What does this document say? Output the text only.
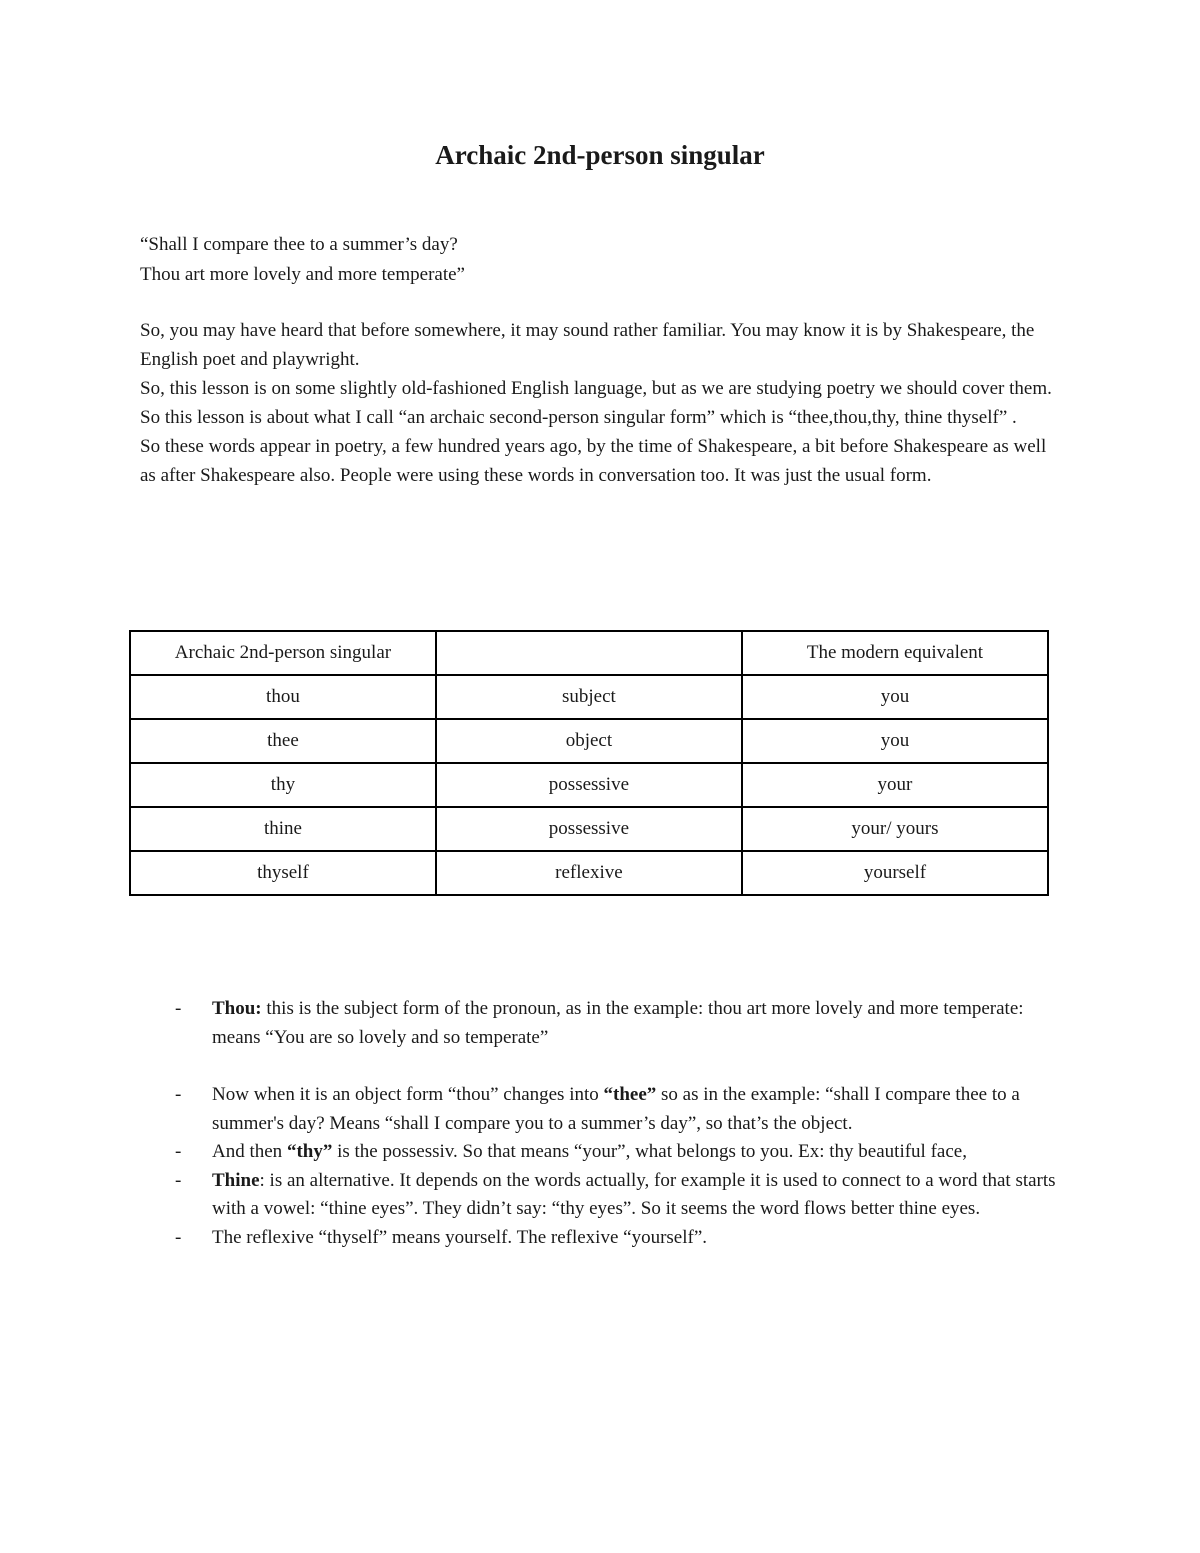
Archaic 2nd-person singular
“Shall I compare thee to a summer’s day?
Thou art more lovely and more temperate”

So, you may have heard that before somewhere, it may sound rather familiar. You may know it is by Shakespeare, the English poet and playwright.

So, this lesson is on some slightly old-fashioned English language, but as we are studying poetry we should cover them. So this lesson is about what I call “an archaic second-person singular form” which is “thee,thou,thy, thine thyself” .

So these words appear in poetry, a few hundred years ago, by the time of Shakespeare, a bit before Shakespeare as well as after Shakespeare also. People were using these words in conversation too. It was just the usual form.

Archaic 2nd-person singular		The modern equivalent
thou	subject	you
thee	object	you
thy	possessive	your
thine	possessive	your/ yours
thyself	reflexive	yourself
-	Thou: this is the subject form of the pronoun, as in the example: thou art more lovely and more temperate: means “You are so lovely and so temperate”
-	Now when it is an object form “thou” changes into “thee” so as in the example: “shall I compare thee to a summer's day? Means “shall I compare you to a summer’s day”, so that’s the object.
-	And then “thy” is the possessiv. So that means “your”, what belongs to you. Ex: thy beautiful face,
-	Thine: is an alternative. It depends on the words actually, for example it is used to connect to a word that starts with a vowel: “thine eyes”. They didn’t say: “thy eyes”. So it seems the word flows better thine eyes.
-	The reflexive “thyself” means yourself. The reflexive “yourself”.
